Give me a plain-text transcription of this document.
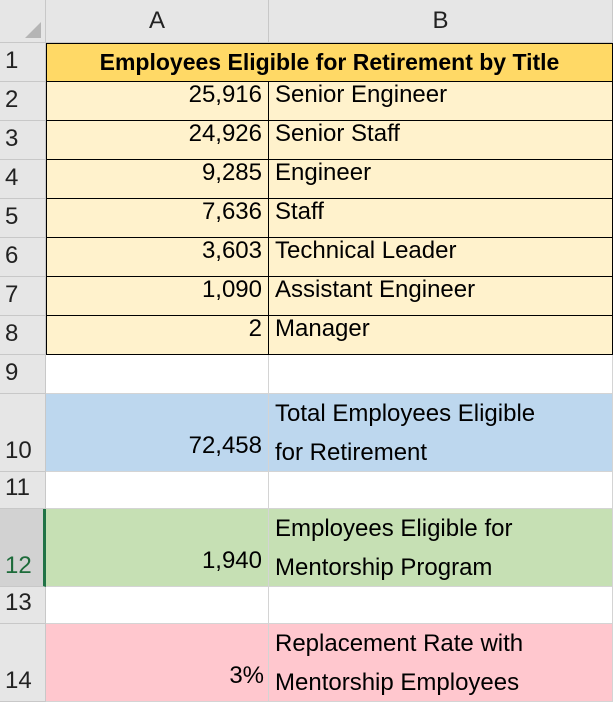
A	B
1
2
3
4
5
6
7
8
9
10
11
12
13
14
Employees Eligible for Retirement by Title
25,916 Senior Engineer
24,926 Senior Staff
9,285 Engineer
7,636 Staff
3,603 Technical Leader
1,090 Assistant Engineer
2 Manager
72,458
Total Employees Eligible
for Retirement
1,940
Employees Eligible for
Mentorship Program
3%
Replacement Rate with
Mentorship Employees
